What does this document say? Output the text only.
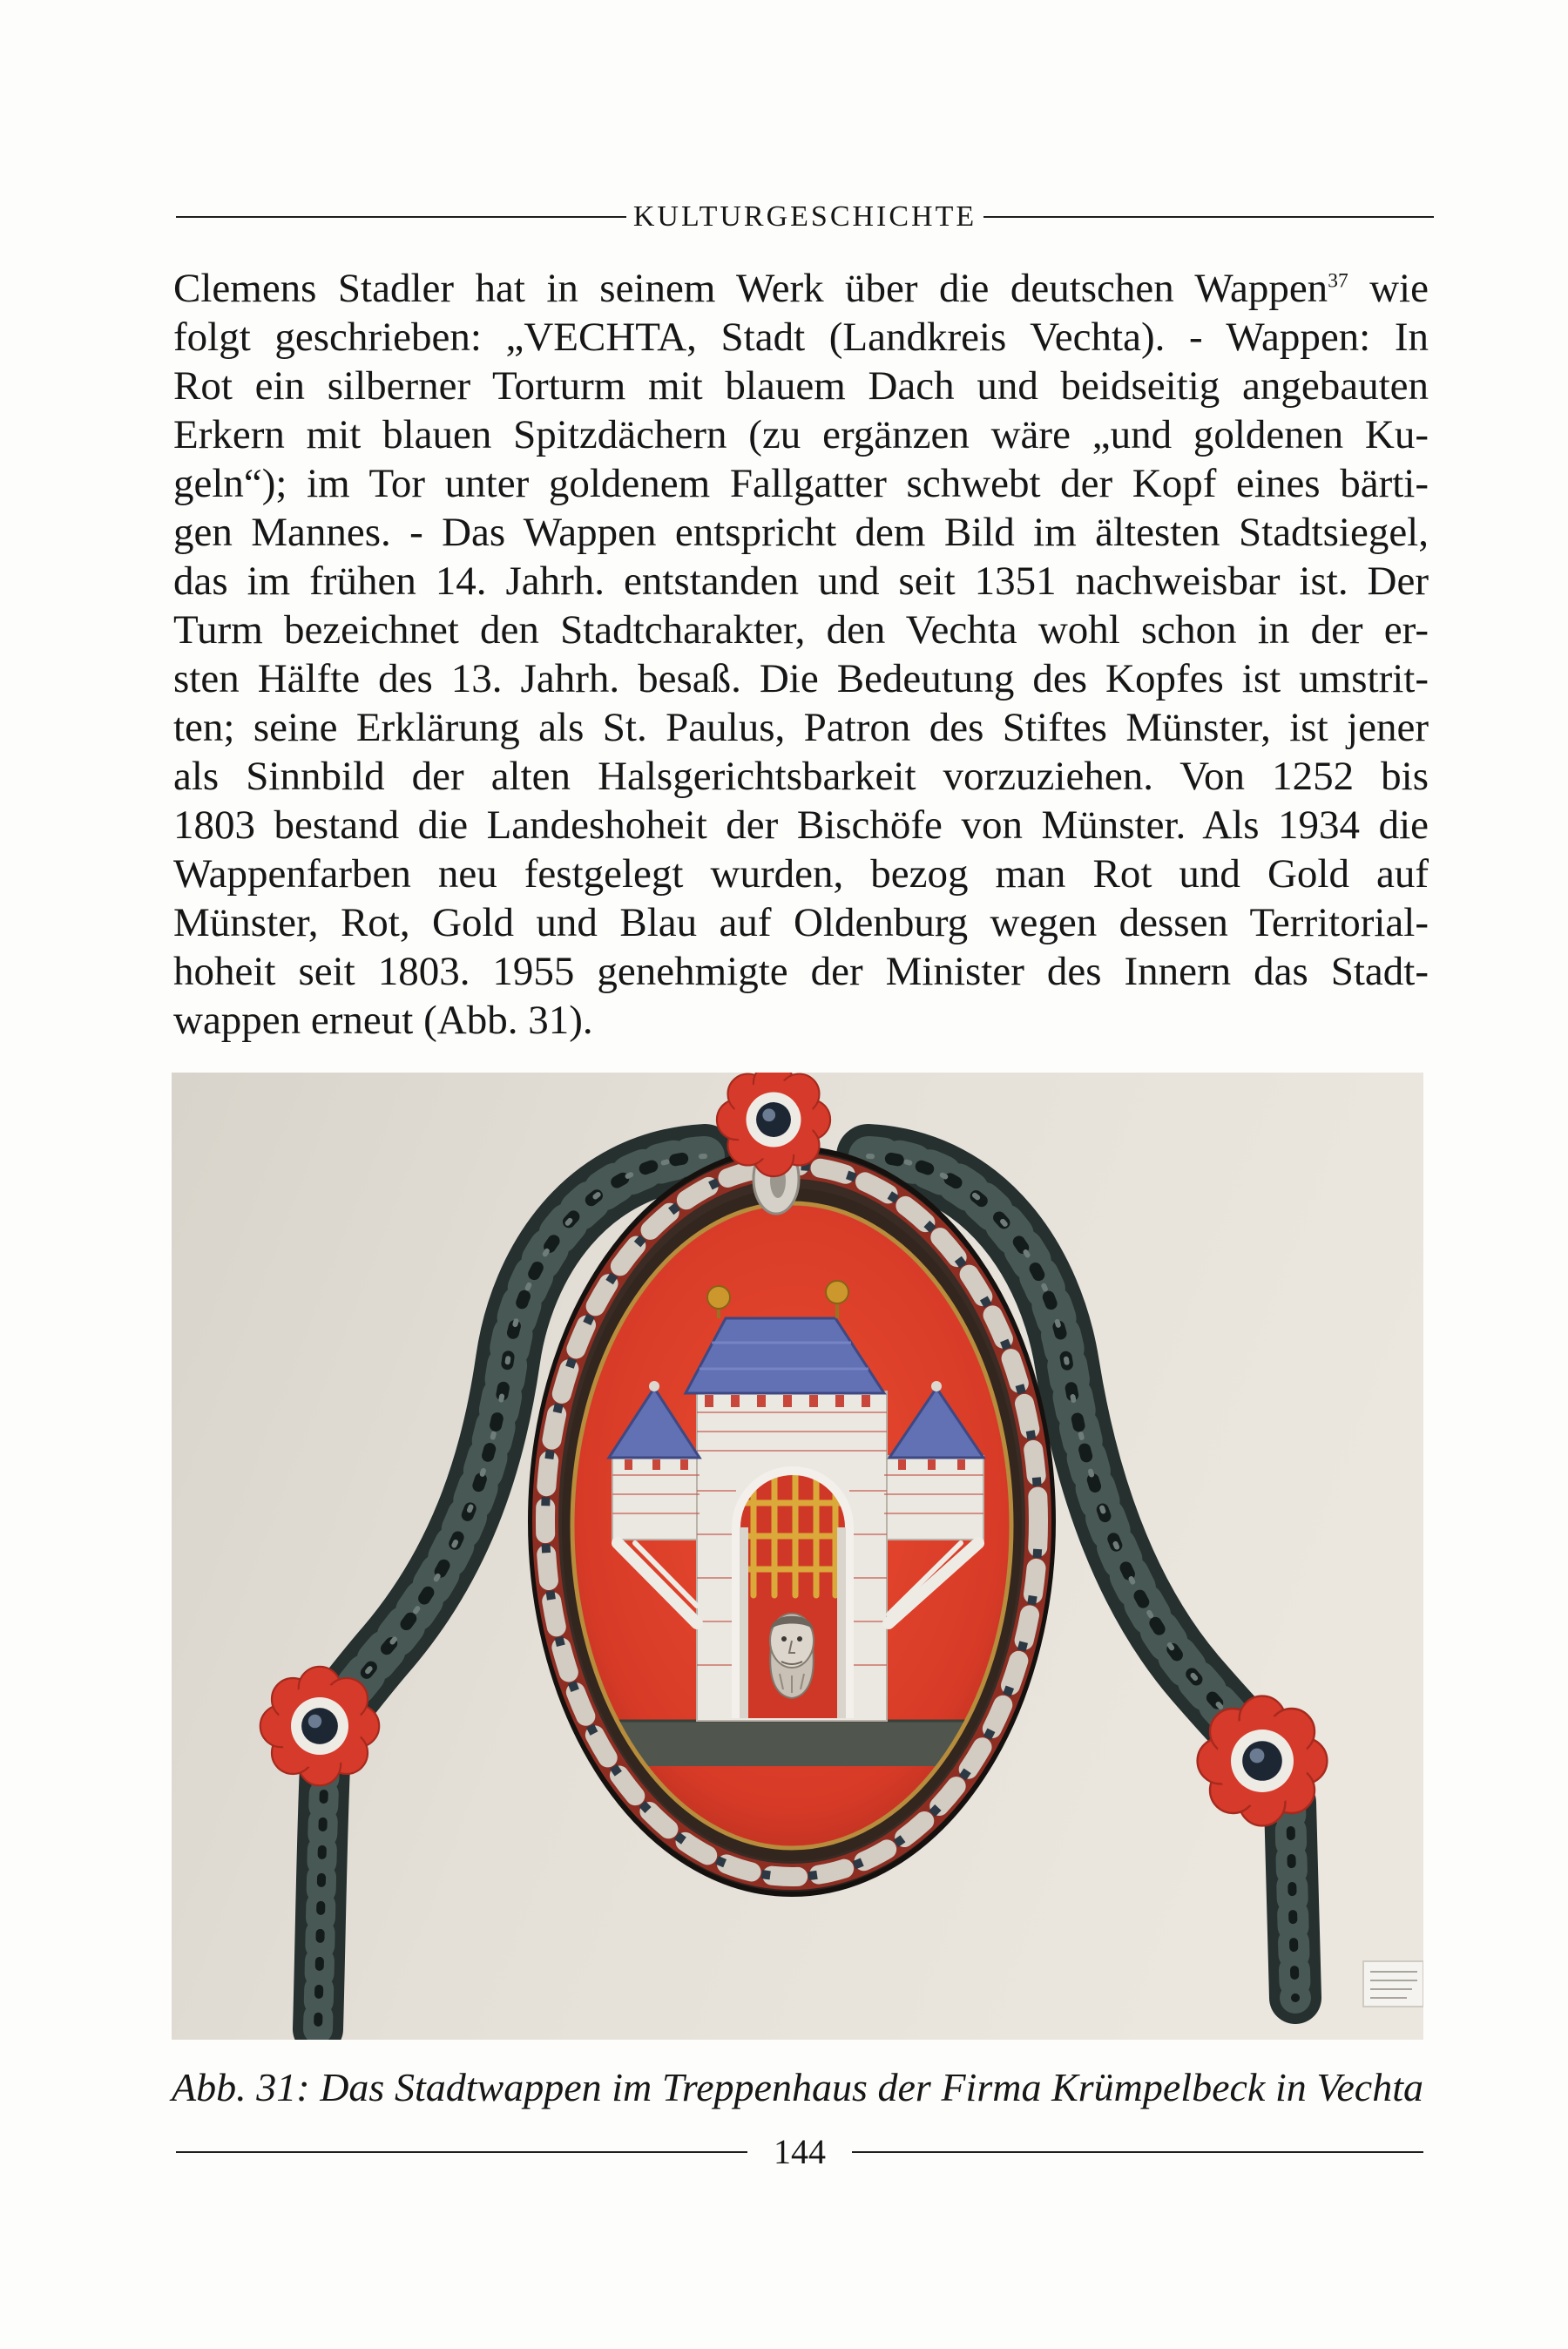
KULTURGESCHICHTE
Clemens Stadler hat in seinem Werk über die deutschen Wappen$^{37}$ wie
folgt geschrieben: „VECHTA, Stadt (Landkreis Vechta). - Wappen: In
Rot ein silberner Torturm mit blauem Dach und beidseitig angebauten
Erkern mit blauen Spitzdächern (zu ergänzen wäre „und goldenen Ku-
geln“); im Tor unter goldenem Fallgatter schwebt der Kopf eines bärti-
gen Mannes. - Das Wappen entspricht dem Bild im ältesten Stadtsiegel,
das im frühen 14. Jahrh. entstanden und seit 1351 nachweisbar ist. Der
Turm bezeichnet den Stadtcharakter, den Vechta wohl schon in der er-
sten Hälfte des 13. Jahrh. besaß. Die Bedeutung des Kopfes ist umstrit-
ten; seine Erklärung als St. Paulus, Patron des Stiftes Münster, ist jener
als Sinnbild der alten Halsgerichtsbarkeit vorzuziehen. Von 1252 bis
1803 bestand die Landeshoheit der Bischöfe von Münster. Als 1934 die
Wappenfarben neu festgelegt wurden, bezog man Rot und Gold auf
Münster, Rot, Gold und Blau auf Oldenburg wegen dessen Territorial-
hoheit seit 1803. 1955 genehmigte der Minister des Innern das Stadt-
wappen erneut (Abb. 31).
Abb. 31: Das Stadtwappen im Treppenhaus der Firma Krümpelbeck in Vechta
144
